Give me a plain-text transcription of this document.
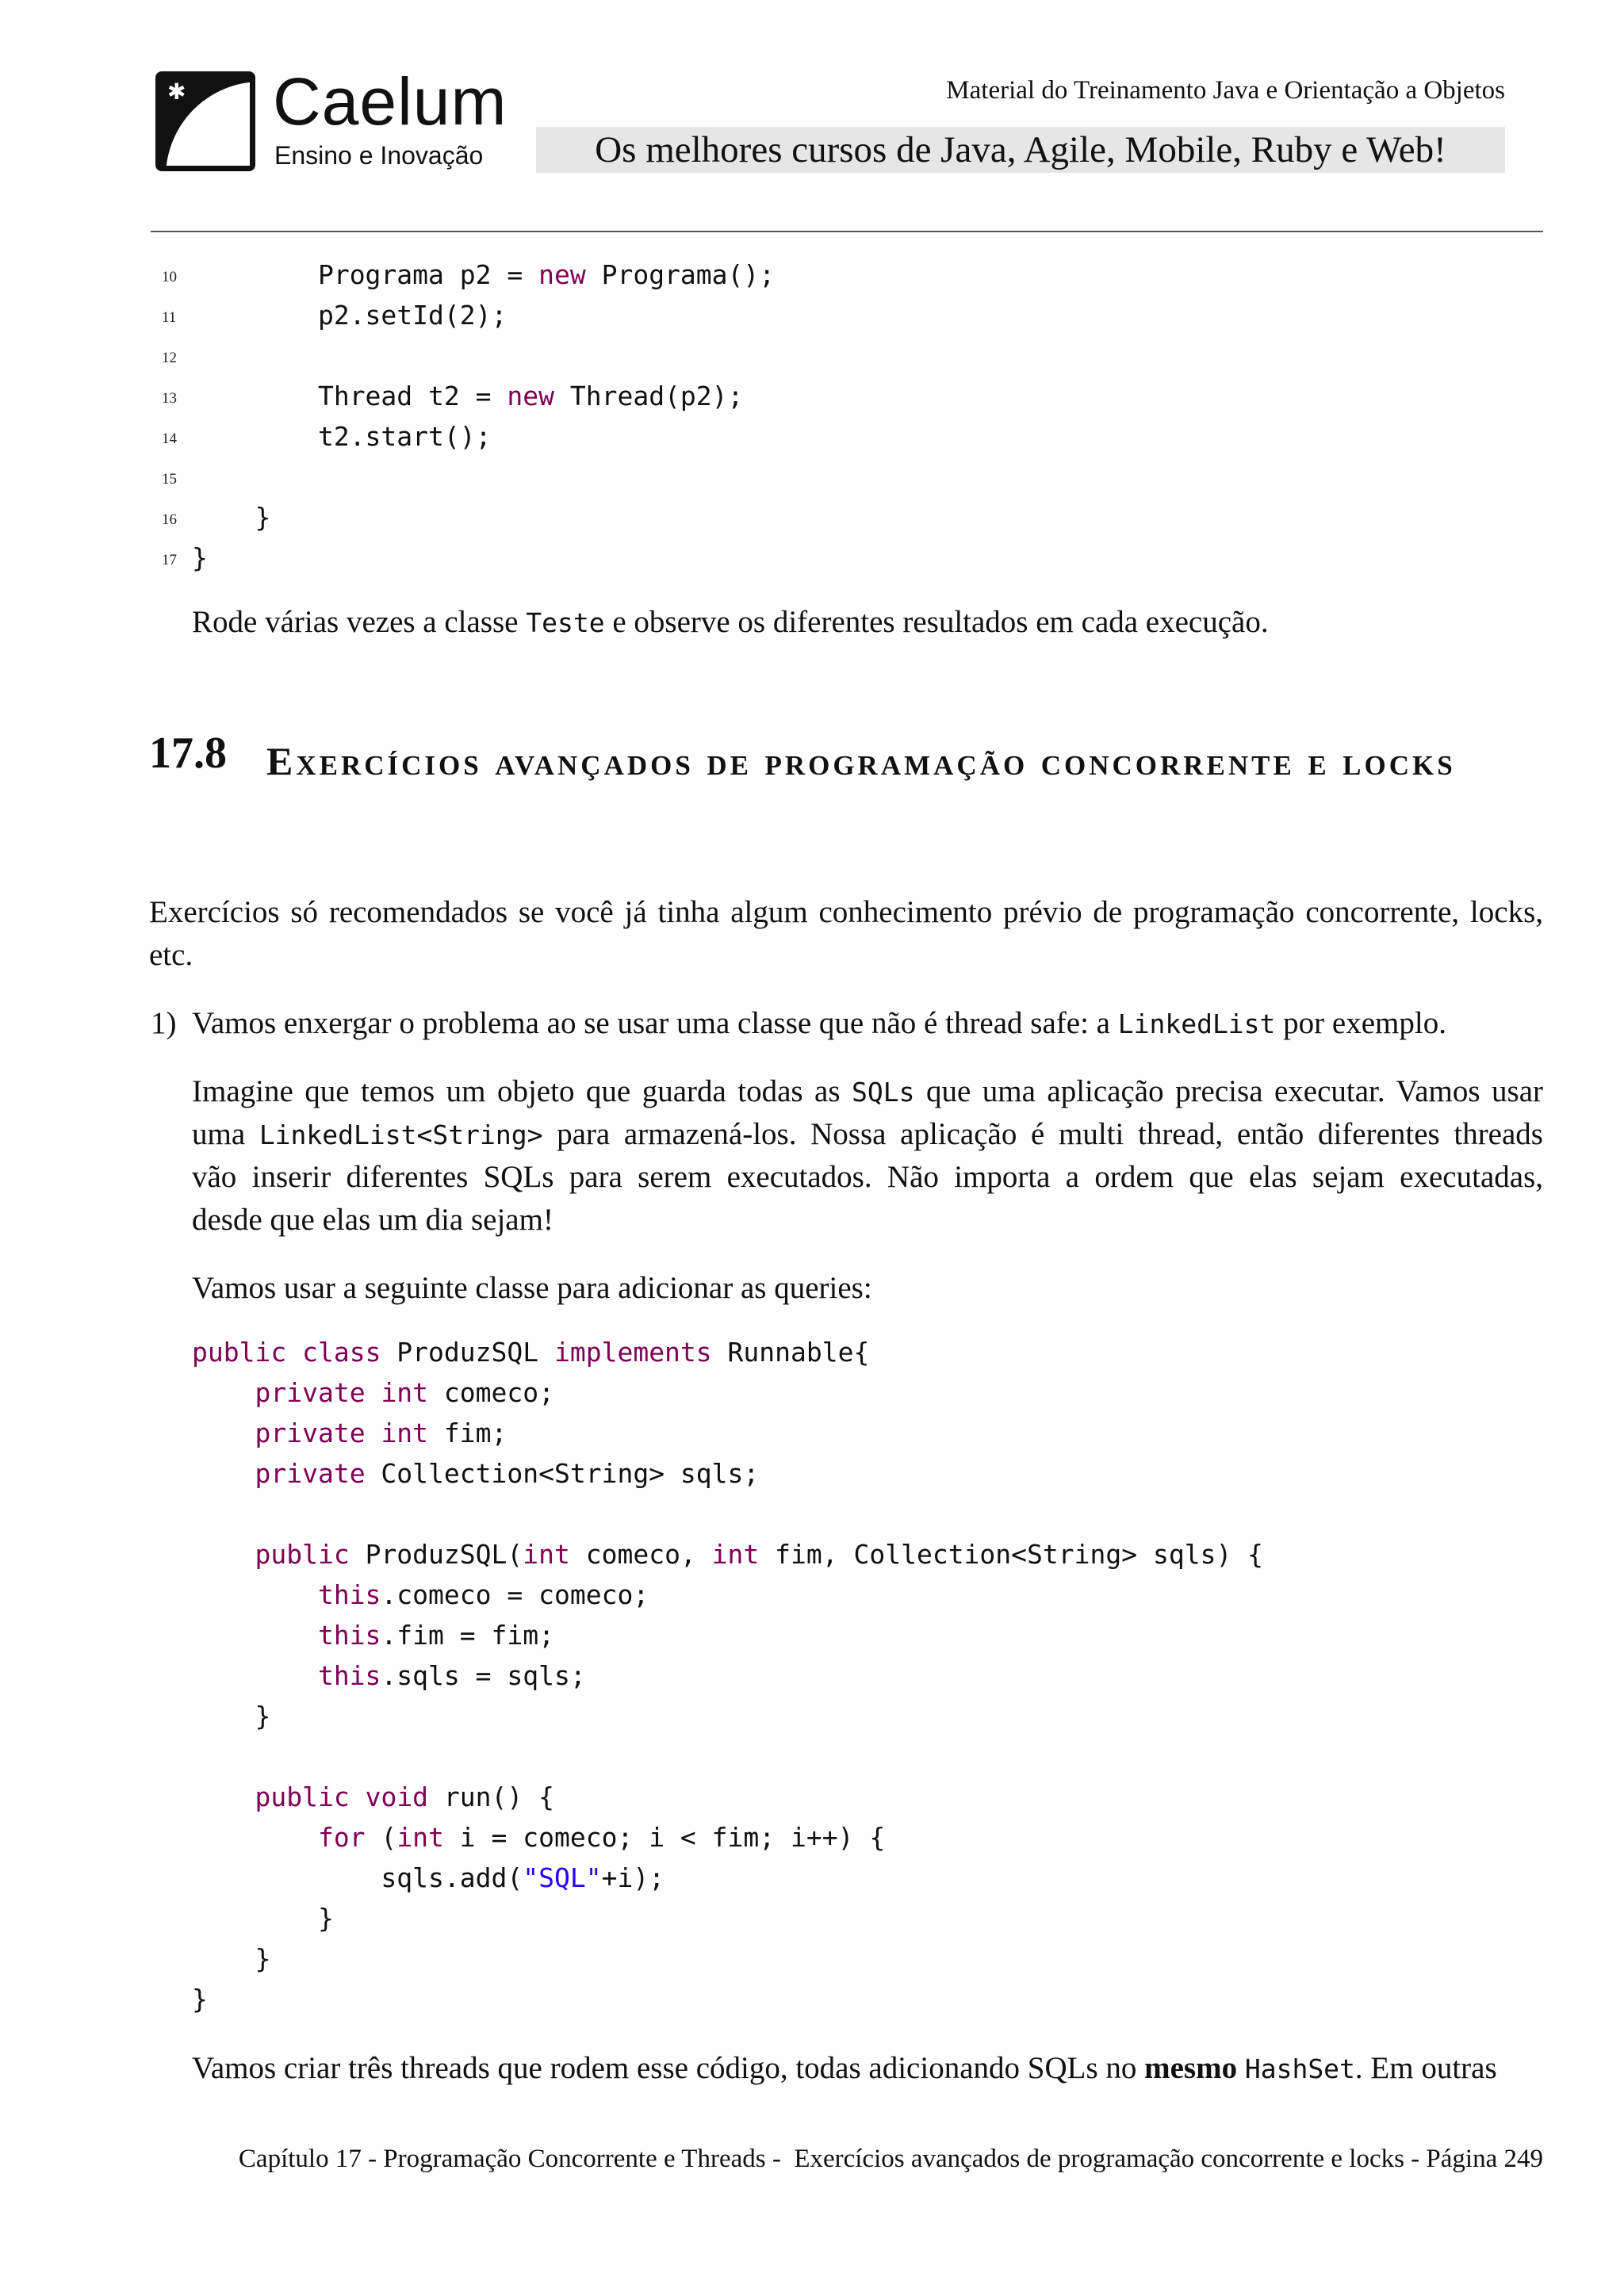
✱ Caelum
Ensino e Inovação
Material do Treinamento Java e Orientação a Objetos
Os melhores cursos de Java, Agile, Mobile, Ruby e Web!
10	Programa p2 = new Programa();
11	p2.setId(2);
12
13	Thread t2 = new Thread(p2);
14	t2.start();
15
16	}
17 }
Rode várias vezes a classe Teste e observe os diferentes resultados em cada execução.
17.8 Exercícios avançados de programação concorrente e locks
Exercícios só recomendados se você já tinha algum conhecimento prévio de programação concorrente, locks, etc.
1) Vamos enxergar o problema ao se usar uma classe que não é thread safe: a LinkedList por exemplo.
Imagine que temos um objeto que guarda todas as SQLs que uma aplicação precisa executar. Vamos usar
uma LinkedList<String> para armazená-los. Nossa aplicação é multi thread, então diferentes threads
vão inserir diferentes SQLs para serem executados. Não importa a ordem que elas sejam executadas,
desde que elas um dia sejam!
Vamos usar a seguinte classe para adicionar as queries:
public class ProduzSQL implements Runnable{
private int comeco;
private int fim;
private Collection<String> sqls;
public ProduzSQL(int comeco, int fim, Collection<String> sqls) {
this.comeco = comeco;
this.fim = fim;
this.sqls = sqls;
}
public void run() {
for (int i = comeco; i < fim; i++) {
sqls.add("SQL"+i);
}
}
}
Vamos criar três threads que rodem esse código, todas adicionando SQLs no mesmo HashSet. Em outras
Capítulo 17 - Programação Concorrente e Threads -  Exercícios avançados de programação concorrente e locks - Página 249
